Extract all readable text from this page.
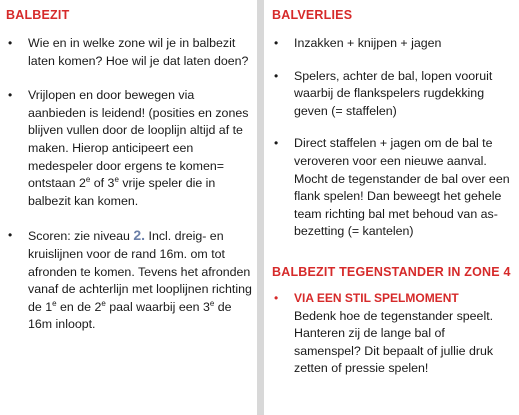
BALBEZIT
• Wie en in welke zone wil je in balbezit laten komen? Hoe wil je dat laten doen?
• Vrijlopen en door bewegen via aanbieden is leidend! (posities en zones blijven vullen door de looplijn altijd af te maken. Hierop anticipeert een medespeler door ergens te komen= ontstaan 2e of 3e vrije speler die in balbezit kan komen.
• Scoren: zie niveau 2. Incl. dreig- en kruislijnen voor de rand 16m. om tot afronden te komen. Tevens het afronden vanaf de achterlijn met looplijnen richting de 1e en de 2e paal waarbij een 3e de 16m inloopt.
BALVERLIES
• Inzakken + knijpen + jagen
• Spelers, achter de bal, lopen vooruit waarbij de flankspelers rugdekking geven (= staffelen)
• Direct staffelen + jagen om de bal te veroveren voor een nieuwe aanval. Mocht de tegenstander de bal over een flank spelen! Dan beweegt het gehele team richting bal met behoud van as- bezetting (= kantelen)
BALBEZIT TEGENSTANDER IN ZONE 4
• VIA EEN STIL SPELMOMENT
Bedenk hoe de tegenstander speelt. Hanteren zij de lange bal of samenspel? Dit bepaalt of jullie druk zetten of pressie spelen!
